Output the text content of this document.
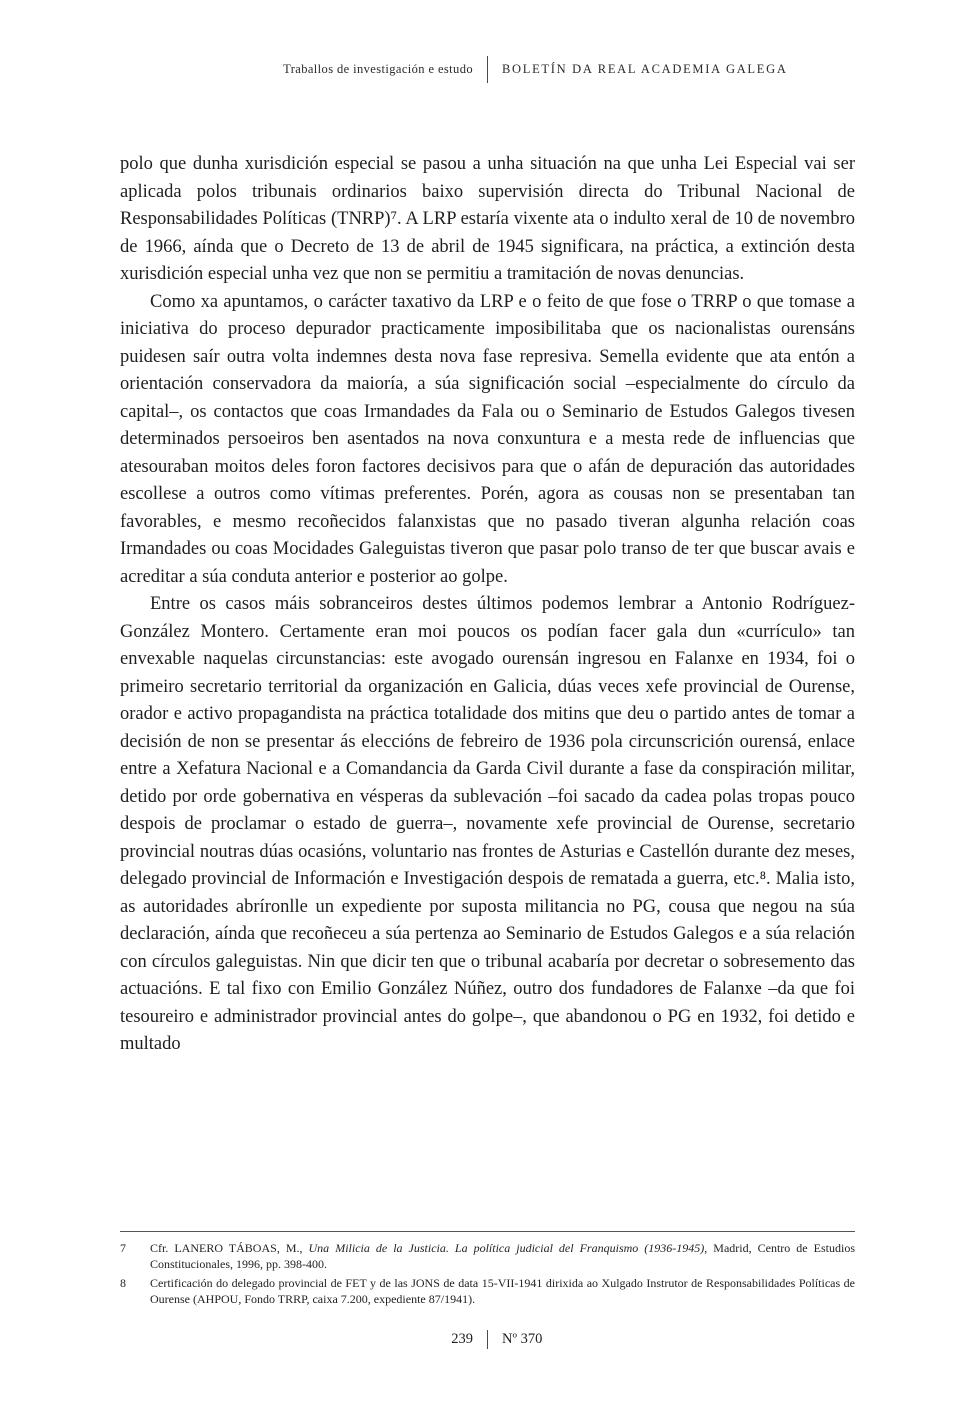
Traballos de investigación e estudo BOLETÍN DA REAL ACADEMIA GALEGA

polo que dunha xurisdición especial se pasou a unha situación na que unha Lei Especial vai ser aplicada polos tribunais ordinarios baixo supervisión directa do Tribunal Nacional de Responsabilidades Políticas (TNRP)⁷. A LRP estaría vixente ata o indulto xeral de 10 de novembro de 1966, aínda que o Decreto de 13 de abril de 1945 significara, na práctica, a extinción desta xurisdición especial unha vez que non se permitiu a tramitación de novas denuncias.

Como xa apuntamos, o carácter taxativo da LRP e o feito de que fose o TRRP o que tomase a iniciativa do proceso depurador practicamente imposibilitaba que os nacionalistas ourensáns puidesen saír outra volta indemnes desta nova fase represiva. Semella evidente que ata entón a orientación conservadora da maioría, a súa significación social –especialmente do círculo da capital–, os contactos que coas Irmandades da Fala ou o Seminario de Estudos Galegos tivesen determinados persoeiros ben asentados na nova conxuntura e a mesta rede de influencias que atesouraban moitos deles foron factores decisivos para que o afán de depuración das autoridades escollese a outros como vítimas preferentes. Porén, agora as cousas non se presentaban tan favorables, e mesmo recoñecidos falanxistas que no pasado tiveran algunha relación coas Irmandades ou coas Mocidades Galeguistas tiveron que pasar polo transo de ter que buscar avais e acreditar a súa conduta anterior e posterior ao golpe.

Entre os casos máis sobranceiros destes últimos podemos lembrar a Antonio Rodríguez-González Montero. Certamente eran moi poucos os podían facer gala dun «currículo» tan envexable naquelas circunstancias: este avogado ourensán ingresou en Falanxe en 1934, foi o primeiro secretario territorial da organización en Galicia, dúas veces xefe provincial de Ourense, orador e activo propagandista na práctica totalidade dos mitins que deu o partido antes de tomar a decisión de non se presentar ás eleccións de febreiro de 1936 pola circunscrición ourensá, enlace entre a Xefatura Nacional e a Comandancia da Garda Civil durante a fase da conspiración militar, detido por orde gobernativa en vésperas da sublevación –foi sacado da cadea polas tropas pouco despois de proclamar o estado de guerra–, novamente xefe provincial de Ourense, secretario provincial noutras dúas ocasións, voluntario nas frontes de Asturias e Castellón durante dez meses, delegado provincial de Información e Investigación despois de rematada a guerra, etc.⁸. Malia isto, as autoridades abríronlle un expediente por suposta militancia no PG, cousa que negou na súa declaración, aínda que recoñeceu a súa pertenza ao Seminario de Estudos Galegos e a súa relación con círculos galeguistas. Nin que dicir ten que o tribunal acabaría por decretar o sobresemento das actuacións. E tal fixo con Emilio González Núñez, outro dos fundadores de Falanxe –da que foi tesoureiro e administrador provincial antes do golpe–, que abandonou o PG en 1932, foi detido e multado

7	Cfr. LANERO TÁBOAS, M., Una Milicia de la Justicia. La política judicial del Franquismo (1936-1945), Madrid, Centro de Estudios Constitucionales, 1996, pp. 398-400.
8	Certificación do delegado provincial de FET y de las JONS de data 15-VII-1941 dirixida ao Xulgado Instrutor de Responsabilidades Políticas de Ourense (AHPOU, Fondo TRRP, caixa 7.200, expediente 87/1941).
239 Nº 370
